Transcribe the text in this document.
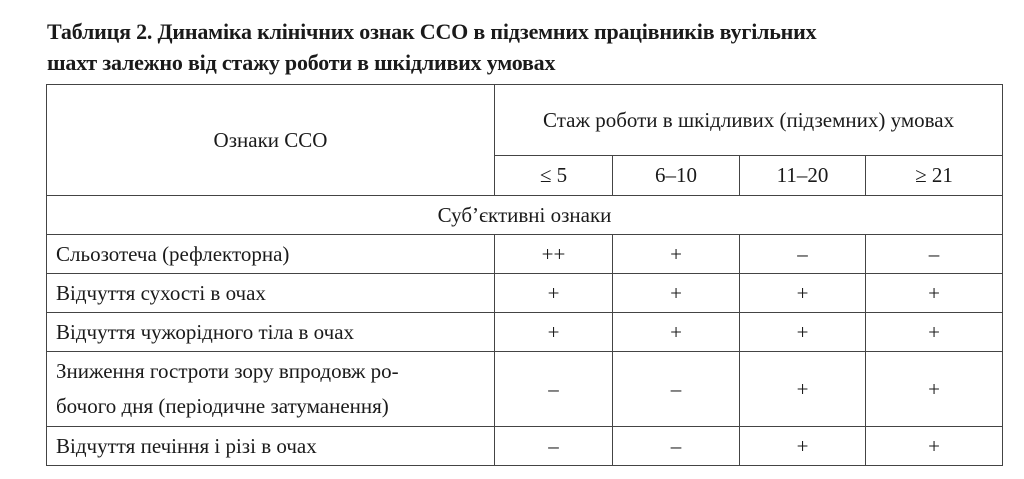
Таблиця 2. Динаміка клінічних ознак ССО в підземних працівників вугільних
шахт залежно від стажу роботи в шкідливих умовах
Ознаки ССО	Стаж роботи в шкідливих (підземних) умовах			
	≤ 5	6–10	11–20	≥ 21
Суб’єктивні ознаки				
Сльозотеча (рефлекторна)	++	+	–	–
Відчуття сухості в очах	+	+	+	+
Відчуття чужорідного тіла в очах	+	+	+	+

Зниження гостроти зору впродовж ро-
бочого дня (періодичне затуманення)	–	–	+	+
Відчуття печіння і різі в очах	–	–	+	+
